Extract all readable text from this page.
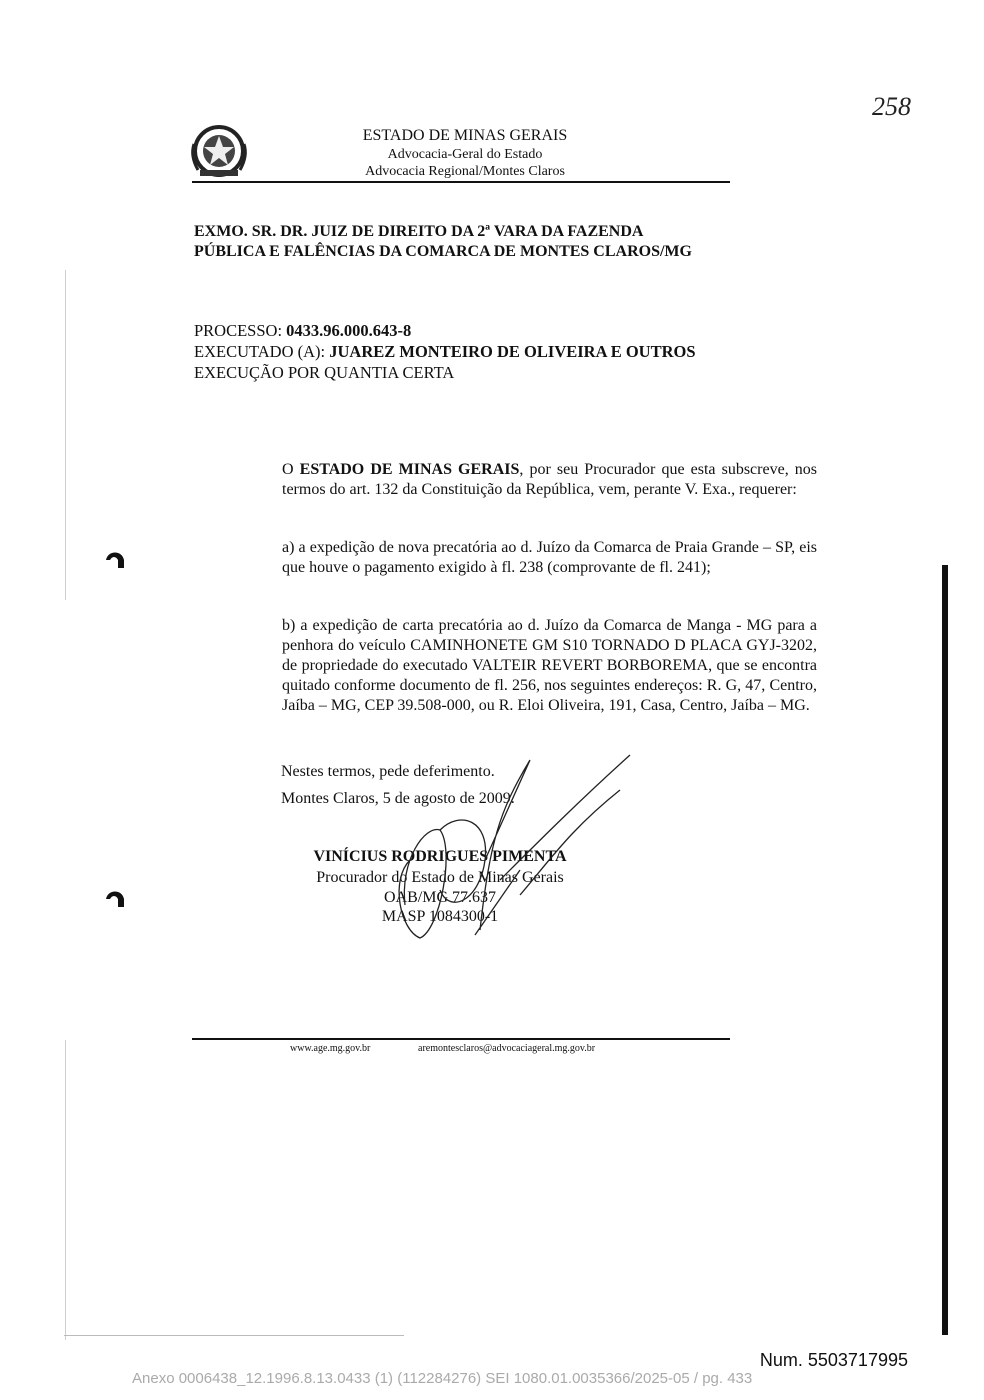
258
ESTADO DE MINAS GERAIS
Advocacia-Geral do Estado
Advocacia Regional/Montes Claros
EXMO. SR. DR. JUIZ DE DIREITO DA 2ª VARA DA FAZENDA
PÚBLICA E FALÊNCIAS DA COMARCA DE MONTES CLAROS/MG
PROCESSO: 0433.96.000.643-8
EXECUTADO (A): JUAREZ MONTEIRO DE OLIVEIRA E OUTROS
EXECUÇÃO POR QUANTIA CERTA
O ESTADO DE MINAS GERAIS, por seu Procurador que esta subscreve, nos termos do art. 132 da Constituição da República, vem, perante V. Exa., requerer:
a) a expedição de nova precatória ao d. Juízo da Comarca de Praia Grande – SP, eis que houve o pagamento exigido à fl. 238 (comprovante de fl. 241);
b) a expedição de carta precatória ao d. Juízo da Comarca de Manga - MG para a penhora do veículo CAMINHONETE GM S10 TORNADO D PLACA GYJ-3202, de propriedade do executado VALTEIR REVERT BORBOREMA, que se encontra quitado conforme documento de fl. 256, nos seguintes endereços: R. G, 47, Centro, Jaíba – MG, CEP 39.508-000, ou R. Eloi Oliveira, 191, Casa, Centro, Jaíba – MG.
Nestes termos, pede deferimento.
Montes Claros, 5 de agosto de 2009.
VINÍCIUS RODRIGUES PIMENTA
Procurador do Estado de Minas Gerais
OAB/MG 77.637
MASP 1084300-1
www.age.mg.gov.br	aremontesclaros@advocaciageral.mg.gov.br
Num. 5503717995
Anexo 0006438_12.1996.8.13.0433 (1) (112284276) SEI 1080.01.0035366/2025-05 / pg. 433
